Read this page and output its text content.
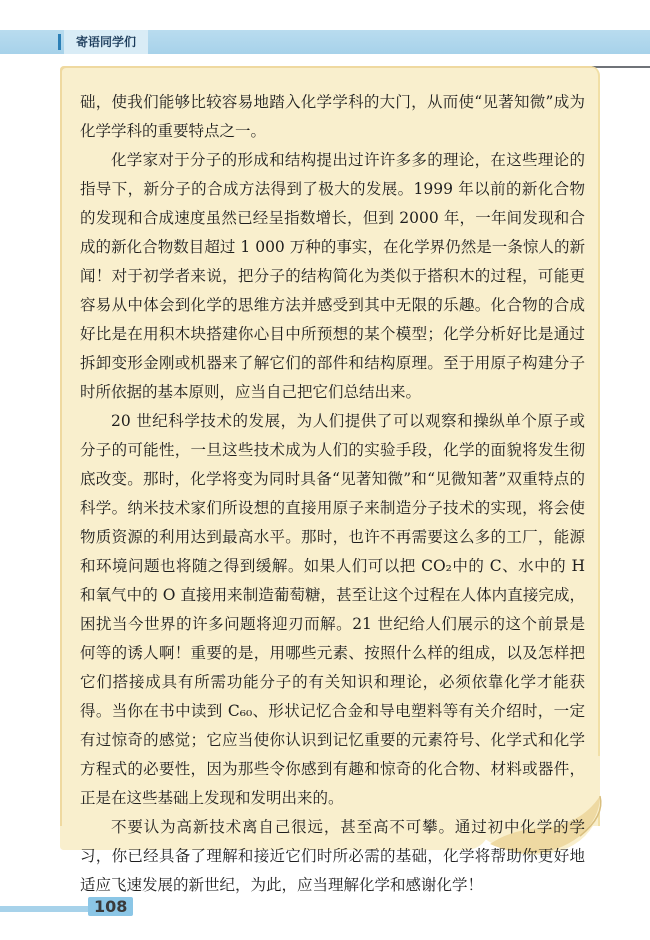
寄语同学们

础，使我们能够比较容易地踏入化学学科的大门，从而使“见著知微”成为化学学科的重要特点之一。

化学家对于分子的形成和结构提出过许许多多的理论，在这些理论的指导下，新分子的合成方法得到了极大的发展。1999 年以前的新化合物的发现和合成速度虽然已经呈指数增长，但到 2000 年，一年间发现和合成的新化合物数目超过 1 000 万种的事实，在化学界仍然是一条惊人的新闻！对于初学者来说，把分子的结构简化为类似于搭积木的过程，可能更容易从中体会到化学的思维方法并感受到其中无限的乐趣。化合物的合成好比是在用积木块搭建你心目中所预想的某个模型；化学分析好比是通过拆卸变形金刚或机器来了解它们的部件和结构原理。至于用原子构建分子时所依据的基本原则，应当自己把它们总结出来。

20 世纪科学技术的发展，为人们提供了可以观察和操纵单个原子或分子的可能性，一旦这些技术成为人们的实验手段，化学的面貌将发生彻底改变。那时，化学将变为同时具备“见著知微”和“见微知著”双重特点的科学。纳米技术家们所设想的直接用原子来制造分子技术的实现，将会使物质资源的利用达到最高水平。那时，也许不再需要这么多的工厂，能源和环境问题也将随之得到缓解。如果人们可以把 CO₂中的 C、水中的 H 和氧气中的 O 直接用来制造葡萄糖，甚至让这个过程在人体内直接完成，困扰当今世界的许多问题将迎刃而解。21 世纪给人们展示的这个前景是何等的诱人啊！重要的是，用哪些元素、按照什么样的组成，以及怎样把它们搭接成具有所需功能分子的有关知识和理论，必须依靠化学才能获得。当你在书中读到 C₆₀、形状记忆合金和导电塑料等有关介绍时，一定有过惊奇的感觉；它应当使你认识到记忆重要的元素符号、化学式和化学方程式的必要性，因为那些令你感到有趣和惊奇的化合物、材料或器件，正是在这些基础上发现和发明出来的。

不要认为高新技术离自己很远，甚至高不可攀。通过初中化学的学习，你已经具备了理解和接近它们时所必需的基础，化学将帮助你更好地适应飞速发展的新世纪，为此，应当理解化学和感谢化学！

108
